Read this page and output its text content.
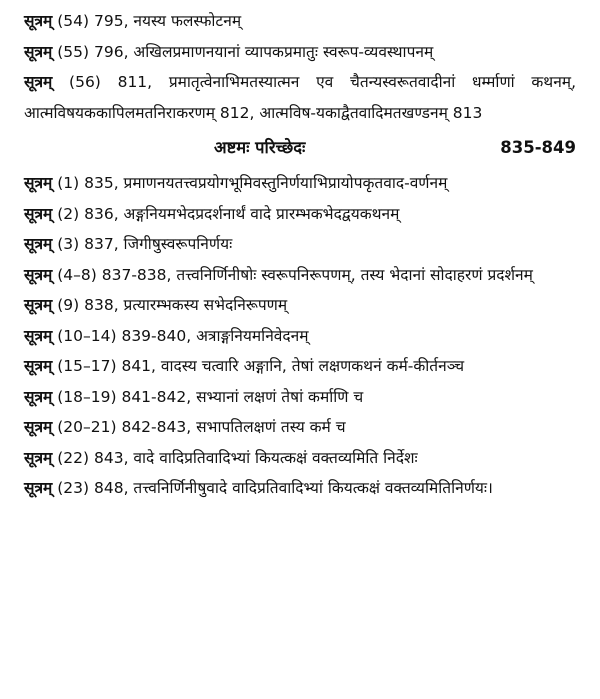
सूत्रम् (54) 795, नयस्य फलस्फोटनम्

सूत्रम् (55) 796, अखिलप्रमाणनयानां व्यापकप्रमातुः स्वरूप-व्यवस्थापनम्

सूत्रम् (56) 811, प्रमातृत्वेनाभिमतस्यात्मन एव चैतन्यस्वरूतवादीनां धर्म्माणां कथनम्, आत्मविषयककापिलमतनिराकरणम् 812, आत्मविष-यकाद्वैतवादिमतखण्डनम् 813

अष्टमः परिच्छेदः	835-849

सूत्रम् (1) 835, प्रमाणनयतत्त्वप्रयोगभूमिवस्तुनिर्णयाभिप्रायोपकृतवाद-वर्णनम्

सूत्रम् (2) 836, अङ्गनियमभेदप्रदर्शनार्थं वादे प्रारम्भकभेदद्वयकथनम्

सूत्रम् (3) 837, जिगीषुस्वरूपनिर्णयः

सूत्रम् (4–8) 837-838, तत्त्वनिर्णिनीषोः स्वरूपनिरूपणम्, तस्य भेदानां सोदाहरणं प्रदर्शनम्

सूत्रम् (9) 838, प्रत्यारम्भकस्य सभेदनिरूपणम्

सूत्रम् (10–14) 839-840, अत्राङ्गनियमनिवेदनम्

सूत्रम् (15–17) 841, वादस्य चत्वारि अङ्गानि, तेषां लक्षणकथनं कर्म-कीर्तनञ्च

सूत्रम् (18–19) 841-842, सभ्यानां लक्षणं तेषां कर्माणि च

सूत्रम् (20–21) 842-843, सभापतिलक्षणं तस्य कर्म च

सूत्रम् (22) 843, वादे वादिप्रतिवादिभ्यां कियत्कक्षं वक्तव्यमिति निर्देशः

सूत्रम् (23) 848, तत्त्वनिर्णिनीषुवादे वादिप्रतिवादिभ्यां कियत्कक्षं वक्तव्यमितिनिर्णयः।
